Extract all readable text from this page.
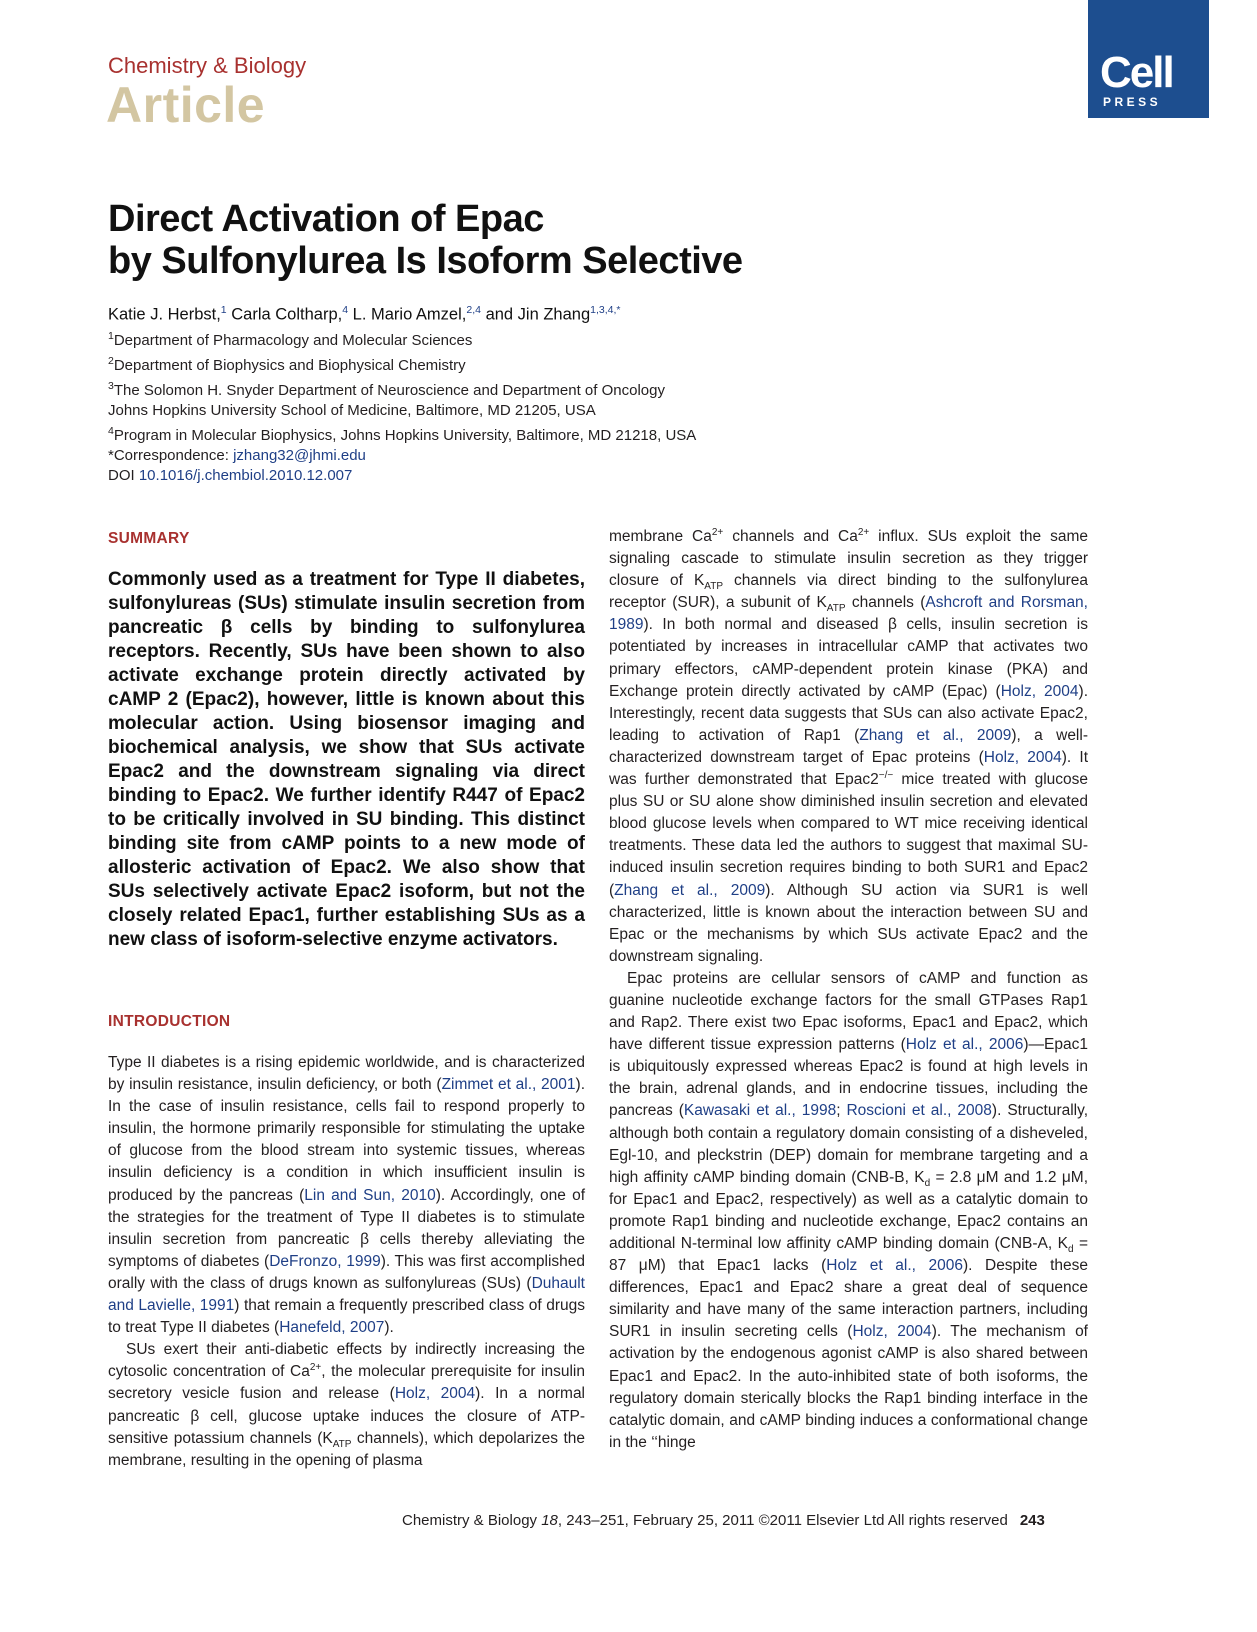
Chemistry & Biology
Article
Cell
PRESS
Direct Activation of Epac
by Sulfonylurea Is Isoform Selective
Katie J. Herbst,$^1$ Carla Coltharp,$^4$ L. Mario Amzel,$^{2,4}$ and Jin Zhang$^{1,3,4,*}$
$^1$Department of Pharmacology and Molecular Sciences
$^2$Department of Biophysics and Biophysical Chemistry
$^3$The Solomon H. Snyder Department of Neuroscience and Department of Oncology
Johns Hopkins University School of Medicine, Baltimore, MD 21205, USA
$^4$Program in Molecular Biophysics, Johns Hopkins University, Baltimore, MD 21218, USA
*Correspondence: jzhang32@jhmi.edu
DOI 10.1016/j.chembiol.2010.12.007
SUMMARY
Commonly used as a treatment for Type II diabetes, sulfonylureas (SUs) stimulate insulin secretion from pancreatic β cells by binding to sulfonylurea receptors. Recently, SUs have been shown to also activate exchange protein directly activated by cAMP 2 (Epac2), however, little is known about this molecular action. Using biosensor imaging and biochemical analysis, we show that SUs activate Epac2 and the downstream signaling via direct binding to Epac2. We further identify R447 of Epac2 to be critically involved in SU binding. This distinct binding site from cAMP points to a new mode of allosteric activation of Epac2. We also show that SUs selectively activate Epac2 isoform, but not the closely related Epac1, further establishing SUs as a new class of isoform-selective enzyme activators.
INTRODUCTION

Type II diabetes is a rising epidemic worldwide, and is characterized by insulin resistance, insulin deficiency, or both (Zimmet et al., 2001). In the case of insulin resistance, cells fail to respond properly to insulin, the hormone primarily responsible for stimulating the uptake of glucose from the blood stream into systemic tissues, whereas insulin deficiency is a condition in which insufficient insulin is produced by the pancreas (Lin and Sun, 2010). Accordingly, one of the strategies for the treatment of Type II diabetes is to stimulate insulin secretion from pancreatic β cells thereby alleviating the symptoms of diabetes (DeFronzo, 1999). This was first accomplished orally with the class of drugs known as sulfonylureas (SUs) (Duhault and Lavielle, 1991) that remain a frequently prescribed class of drugs to treat Type II diabetes (Hanefeld, 2007).

SUs exert their anti-diabetic effects by indirectly increasing the cytosolic concentration of $Ca^{2+}$, the molecular prerequisite for insulin secretory vesicle fusion and release (Holz, 2004). In a normal pancreatic β cell, glucose uptake induces the closure of ATP-sensitive potassium channels ($K_{ATP}$ channels), which depolarizes the membrane, resulting in the opening of plasma

membrane $Ca^{2+}$ channels and $Ca^{2+}$ influx. SUs exploit the same signaling cascade to stimulate insulin secretion as they trigger closure of $K_{ATP}$ channels via direct binding to the sulfonylurea receptor (SUR), a subunit of $K_{ATP}$ channels (Ashcroft and Rorsman, 1989). In both normal and diseased β cells, insulin secretion is potentiated by increases in intracellular cAMP that activates two primary effectors, cAMP-dependent protein kinase (PKA) and Exchange protein directly activated by cAMP (Epac) (Holz, 2004). Interestingly, recent data suggests that SUs can also activate Epac2, leading to activation of Rap1 (Zhang et al., 2009), a well-characterized downstream target of Epac proteins (Holz, 2004). It was further demonstrated that Epac2−/− mice treated with glucose plus SU or SU alone show diminished insulin secretion and elevated blood glucose levels when compared to WT mice receiving identical treatments. These data led the authors to suggest that maximal SU-induced insulin secretion requires binding to both SUR1 and Epac2 (Zhang et al., 2009). Although SU action via SUR1 is well characterized, little is known about the interaction between SU and Epac or the mechanisms by which SUs activate Epac2 and the downstream signaling.

Epac proteins are cellular sensors of cAMP and function as guanine nucleotide exchange factors for the small GTPases Rap1 and Rap2. There exist two Epac isoforms, Epac1 and Epac2, which have different tissue expression patterns (Holz et al., 2006)—Epac1 is ubiquitously expressed whereas Epac2 is found at high levels in the brain, adrenal glands, and in endocrine tissues, including the pancreas (Kawasaki et al., 1998; Roscioni et al., 2008). Structurally, although both contain a regulatory domain consisting of a disheveled, Egl-10, and pleckstrin (DEP) domain for membrane targeting and a high affinity cAMP binding domain (CNB-B, $K_d = 2.8$ μM and 1.2 μM, for Epac1 and Epac2, respectively) as well as a catalytic domain to promote Rap1 binding and nucleotide exchange, Epac2 contains an additional N-terminal low affinity cAMP binding domain (CNB-A, $K_d = 87$ μM) that Epac1 lacks (Holz et al., 2006). Despite these differences, Epac1 and Epac2 share a great deal of sequence similarity and have many of the same interaction partners, including SUR1 in insulin secreting cells (Holz, 2004). The mechanism of activation by the endogenous agonist cAMP is also shared between Epac1 and Epac2. In the auto-inhibited state of both isoforms, the regulatory domain sterically blocks the Rap1 binding interface in the catalytic domain, and cAMP binding induces a conformational change in the ‘‘hinge

Chemistry & Biology 18, 243–251, February 25, 2011 ©2011 Elsevier Ltd All rights reserved 243
